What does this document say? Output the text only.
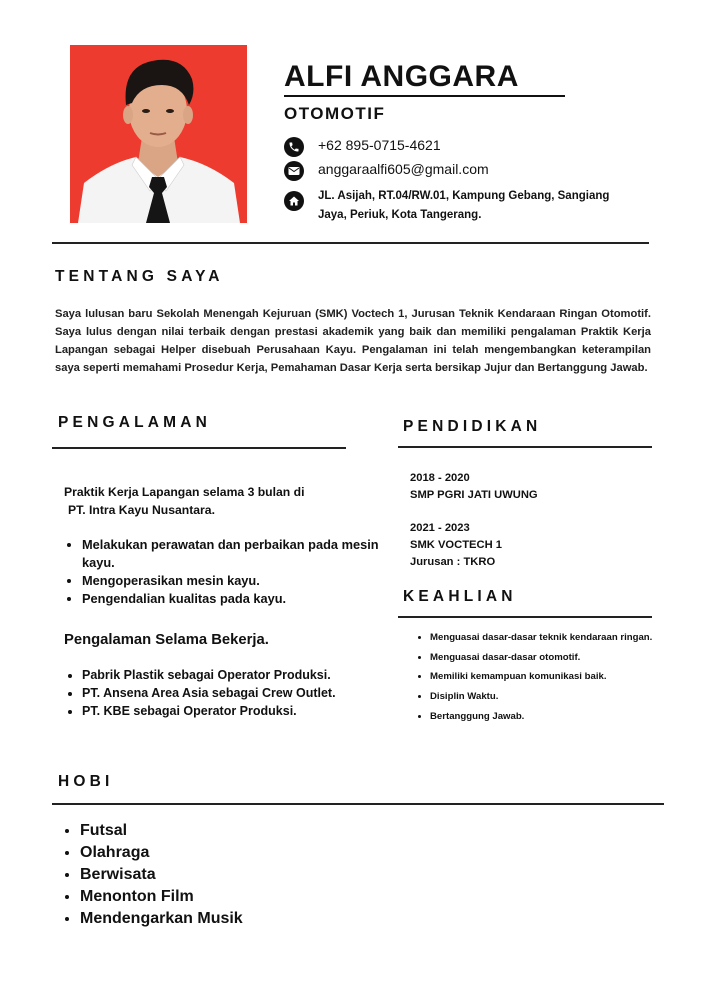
ALFI ANGGARA
OTOMOTIF
+62 895-0715-4621
anggaraalfi605@gmail.com
JL. Asijah, RT.04/RW.01, Kampung Gebang, Sangiang Jaya, Periuk, Kota Tangerang.
TENTANG SAYA
Saya lulusan baru Sekolah Menengah Kejuruan (SMK) Voctech 1, Jurusan Teknik Kendaraan Ringan Otomotif. Saya lulus dengan nilai terbaik dengan prestasi akademik yang baik dan memiliki pengalaman Praktik Kerja Lapangan sebagai Helper disebuah Perusahaan Kayu. Pengalaman ini telah mengembangkan keterampilan saya seperti memahami Prosedur Kerja, Pemahaman Dasar Kerja serta bersikap Jujur dan Bertanggung Jawab.
PENGALAMAN
Praktik Kerja Lapangan selama 3 bulan di
PT. Intra Kayu Nusantara.
• Melakukan perawatan dan perbaikan pada mesin kayu.
• Mengoperasikan mesin kayu.
• Pengendalian kualitas pada kayu.
Pengalaman Selama Bekerja.
• Pabrik Plastik sebagai Operator Produksi.
• PT. Ansena Area Asia sebagai Crew Outlet.
• PT. KBE sebagai Operator Produksi.
PENDIDIKAN
2018 - 2020
SMP PGRI JATI UWUNG
2021 - 2023
SMK VOCTECH 1
Jurusan : TKRO
KEAHLIAN
• Menguasai dasar-dasar teknik kendaraan ringan.
• Menguasai dasar-dasar otomotif.
• Memiliki kemampuan komunikasi baik.
• Disiplin Waktu.
• Bertanggung Jawab.
HOBI
• Futsal
• Olahraga
• Berwisata
• Menonton Film
• Mendengarkan Musik
